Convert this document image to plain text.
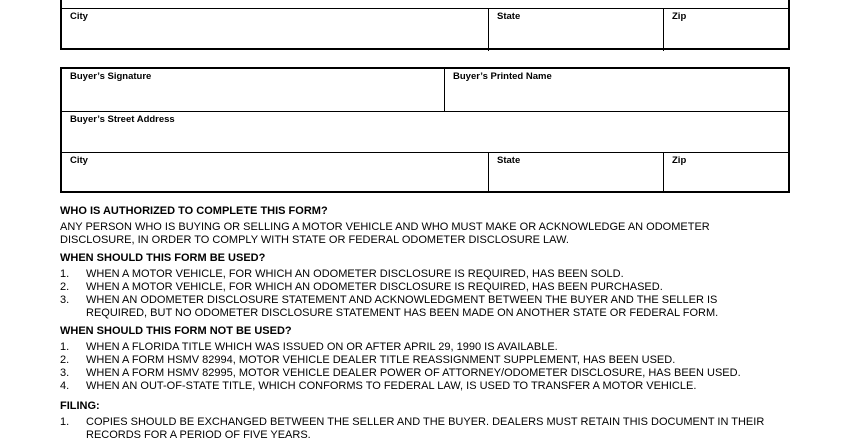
City	State	Zip
Buyer’s Signature	Buyer’s Printed Name
Buyer’s Street Address
City	State	Zip
WHO IS AUTHORIZED TO COMPLETE THIS FORM?
ANY PERSON WHO IS BUYING OR SELLING A MOTOR VEHICLE AND WHO MUST MAKE OR ACKNOWLEDGE AN ODOMETER
DISCLOSURE, IN ORDER TO COMPLY WITH STATE OR FEDERAL ODOMETER DISCLOSURE LAW.
WHEN SHOULD THIS FORM BE USED?
1.	WHEN A MOTOR VEHICLE, FOR WHICH AN ODOMETER DISCLOSURE IS REQUIRED, HAS BEEN SOLD.
2.	WHEN A MOTOR VEHICLE, FOR WHICH AN ODOMETER DISCLOSURE IS REQUIRED, HAS BEEN PURCHASED.
3.	WHEN AN ODOMETER DISCLOSURE STATEMENT AND ACKNOWLEDGMENT BETWEEN THE BUYER AND THE SELLER IS
REQUIRED, BUT NO ODOMETER DISCLOSURE STATEMENT HAS BEEN MADE ON ANOTHER STATE OR FEDERAL FORM.
WHEN SHOULD THIS FORM NOT BE USED?
1.	WHEN A FLORIDA TITLE WHICH WAS ISSUED ON OR AFTER APRIL 29, 1990 IS AVAILABLE.
2.	WHEN A FORM HSMV 82994, MOTOR VEHICLE DEALER TITLE REASSIGNMENT SUPPLEMENT, HAS BEEN USED.
3.	WHEN A FORM HSMV 82995, MOTOR VEHICLE DEALER POWER OF ATTORNEY/ODOMETER DISCLOSURE, HAS BEEN USED.
4.	WHEN AN OUT-OF-STATE TITLE, WHICH CONFORMS TO FEDERAL LAW, IS USED TO TRANSFER A MOTOR VEHICLE.
FILING:
1.	COPIES SHOULD BE EXCHANGED BETWEEN THE SELLER AND THE BUYER. DEALERS MUST RETAIN THIS DOCUMENT IN THEIR
RECORDS FOR A PERIOD OF FIVE YEARS.
